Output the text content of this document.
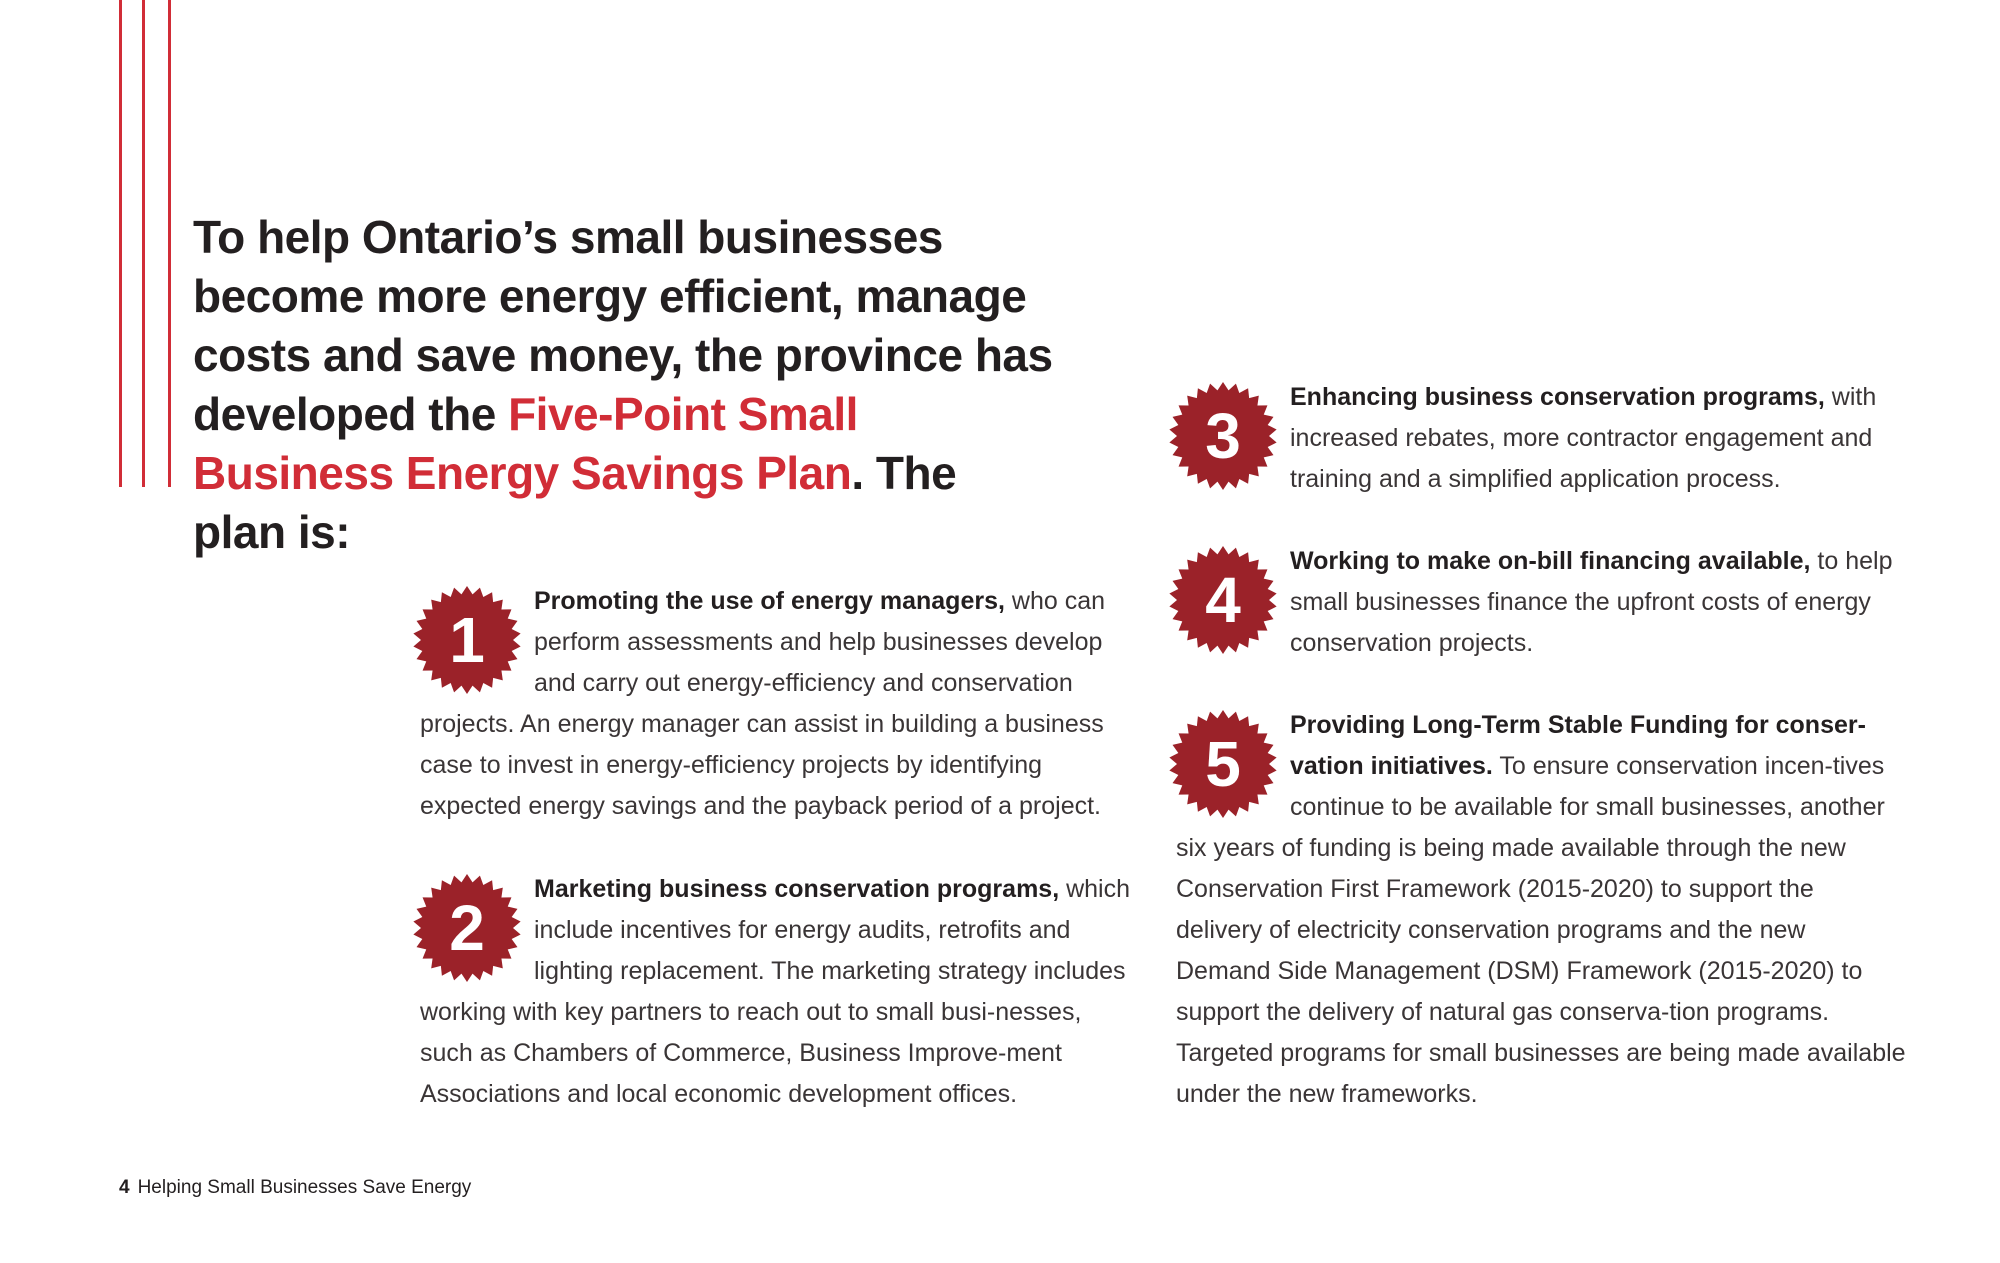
To help Ontario’s small businesses become more energy efficient, manage costs and save money, the province has developed the Five-Point Small Business Energy Savings Plan. The plan is:
1

Promoting the use of energy managers, who can perform assessments and help businesses develop and carry out energy-efficiency and conservation projects. An energy manager can assist in building a business case to invest in energy-efficiency projects by identifying expected energy savings and the payback period of a project.

2

Marketing business conservation programs, which include incentives for energy audits, retrofits and lighting replacement. The marketing strategy includes working with key partners to reach out to small busi-nesses, such as Chambers of Commerce, Business Improve-ment Associations and local economic development offices.

3

Enhancing business conservation programs, with increased rebates, more contractor engagement and training and a simplified application process.

4

Working to make on-bill financing available, to help small businesses finance the upfront costs of energy conservation projects.

5

Providing Long-Term Stable Funding for conser-vation initiatives. To ensure conservation incen-tives continue to be available for small businesses, another six years of funding is being made available through the new Conservation First Framework (2015-2020) to support the delivery of electricity conservation programs and the new Demand Side Management (DSM) Framework (2015-2020) to support the delivery of natural gas conserva-tion programs. Targeted programs for small businesses are being made available under the new frameworks.

4 Helping Small Businesses Save Energy
